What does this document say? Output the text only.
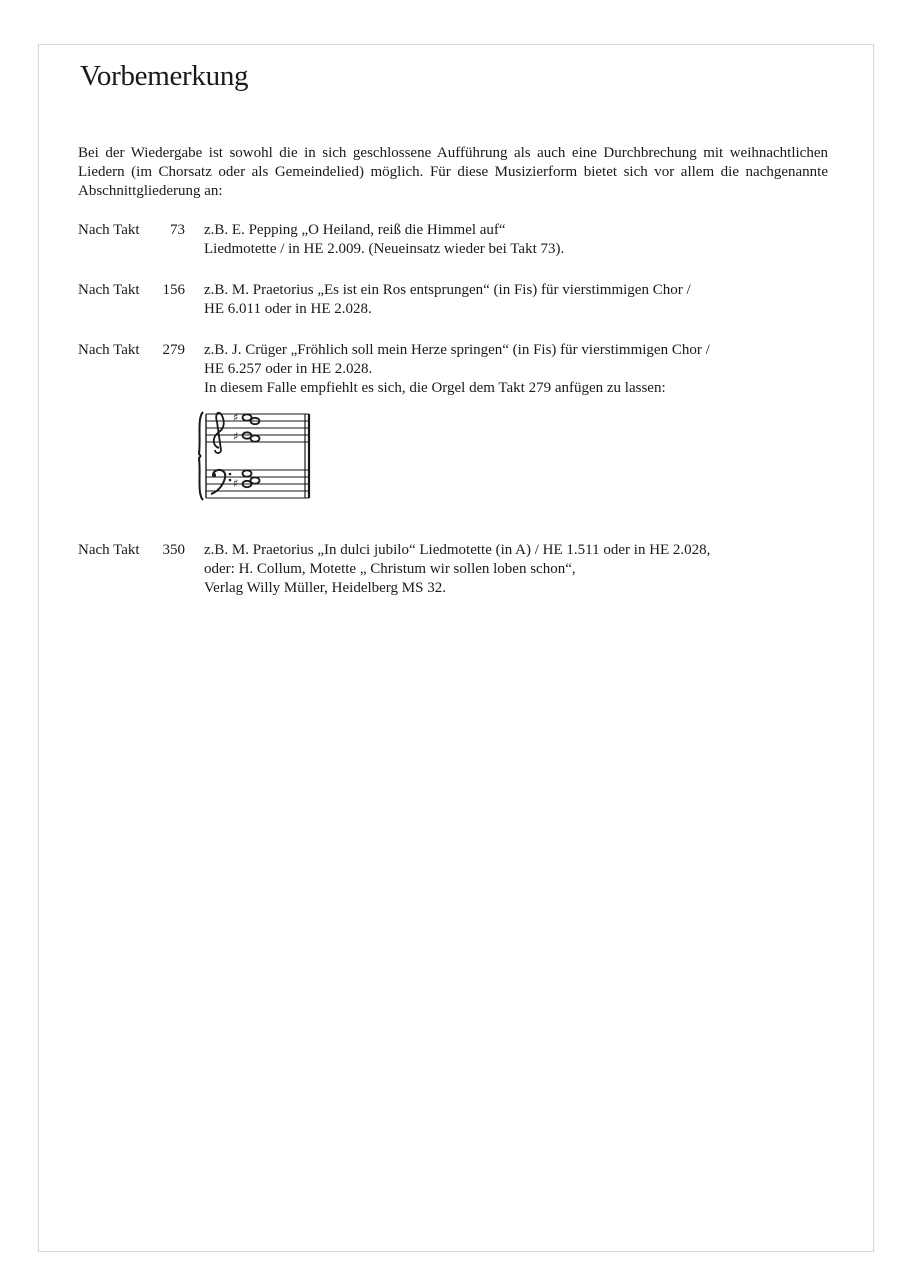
Vorbemerkung

Bei der Wiedergabe ist sowohl die in sich geschlossene Aufführung als auch eine Durchbrechung mit weihnachtlichen Liedern (im Chorsatz oder als Gemeindelied) möglich. Für diese Musizierform bietet sich vor allem die nachgenannte Abschnittgliederung an:

Nach Takt	73 z.B. E. Pepping „O Heiland, reiß die Himmel auf“
Liedmotette / in HE 2.009. (Neueinsatz wieder bei Takt 73).
Nach Takt	156 z.B. M. Praetorius „Es ist ein Ros entsprungen“ (in Fis) für vierstimmigen Chor /
HE 6.011 oder in HE 2.028.
Nach Takt	279 z.B. J. Crüger „Fröhlich soll mein Herze springen“ (in Fis) für vierstimmigen Chor /
HE 6.257 oder in HE 2.028.
In diesem Falle empfiehlt es sich, die Orgel dem Takt 279 anfügen zu lassen:
♯
♯
♯
Nach Takt	350 z.B. M. Praetorius „In dulci jubilo“ Liedmotette (in A) / HE 1.511 oder in HE 2.028,
oder: H. Collum, Motette „ Christum wir sollen loben schon“,
Verlag Willy Müller, Heidelberg MS 32.
